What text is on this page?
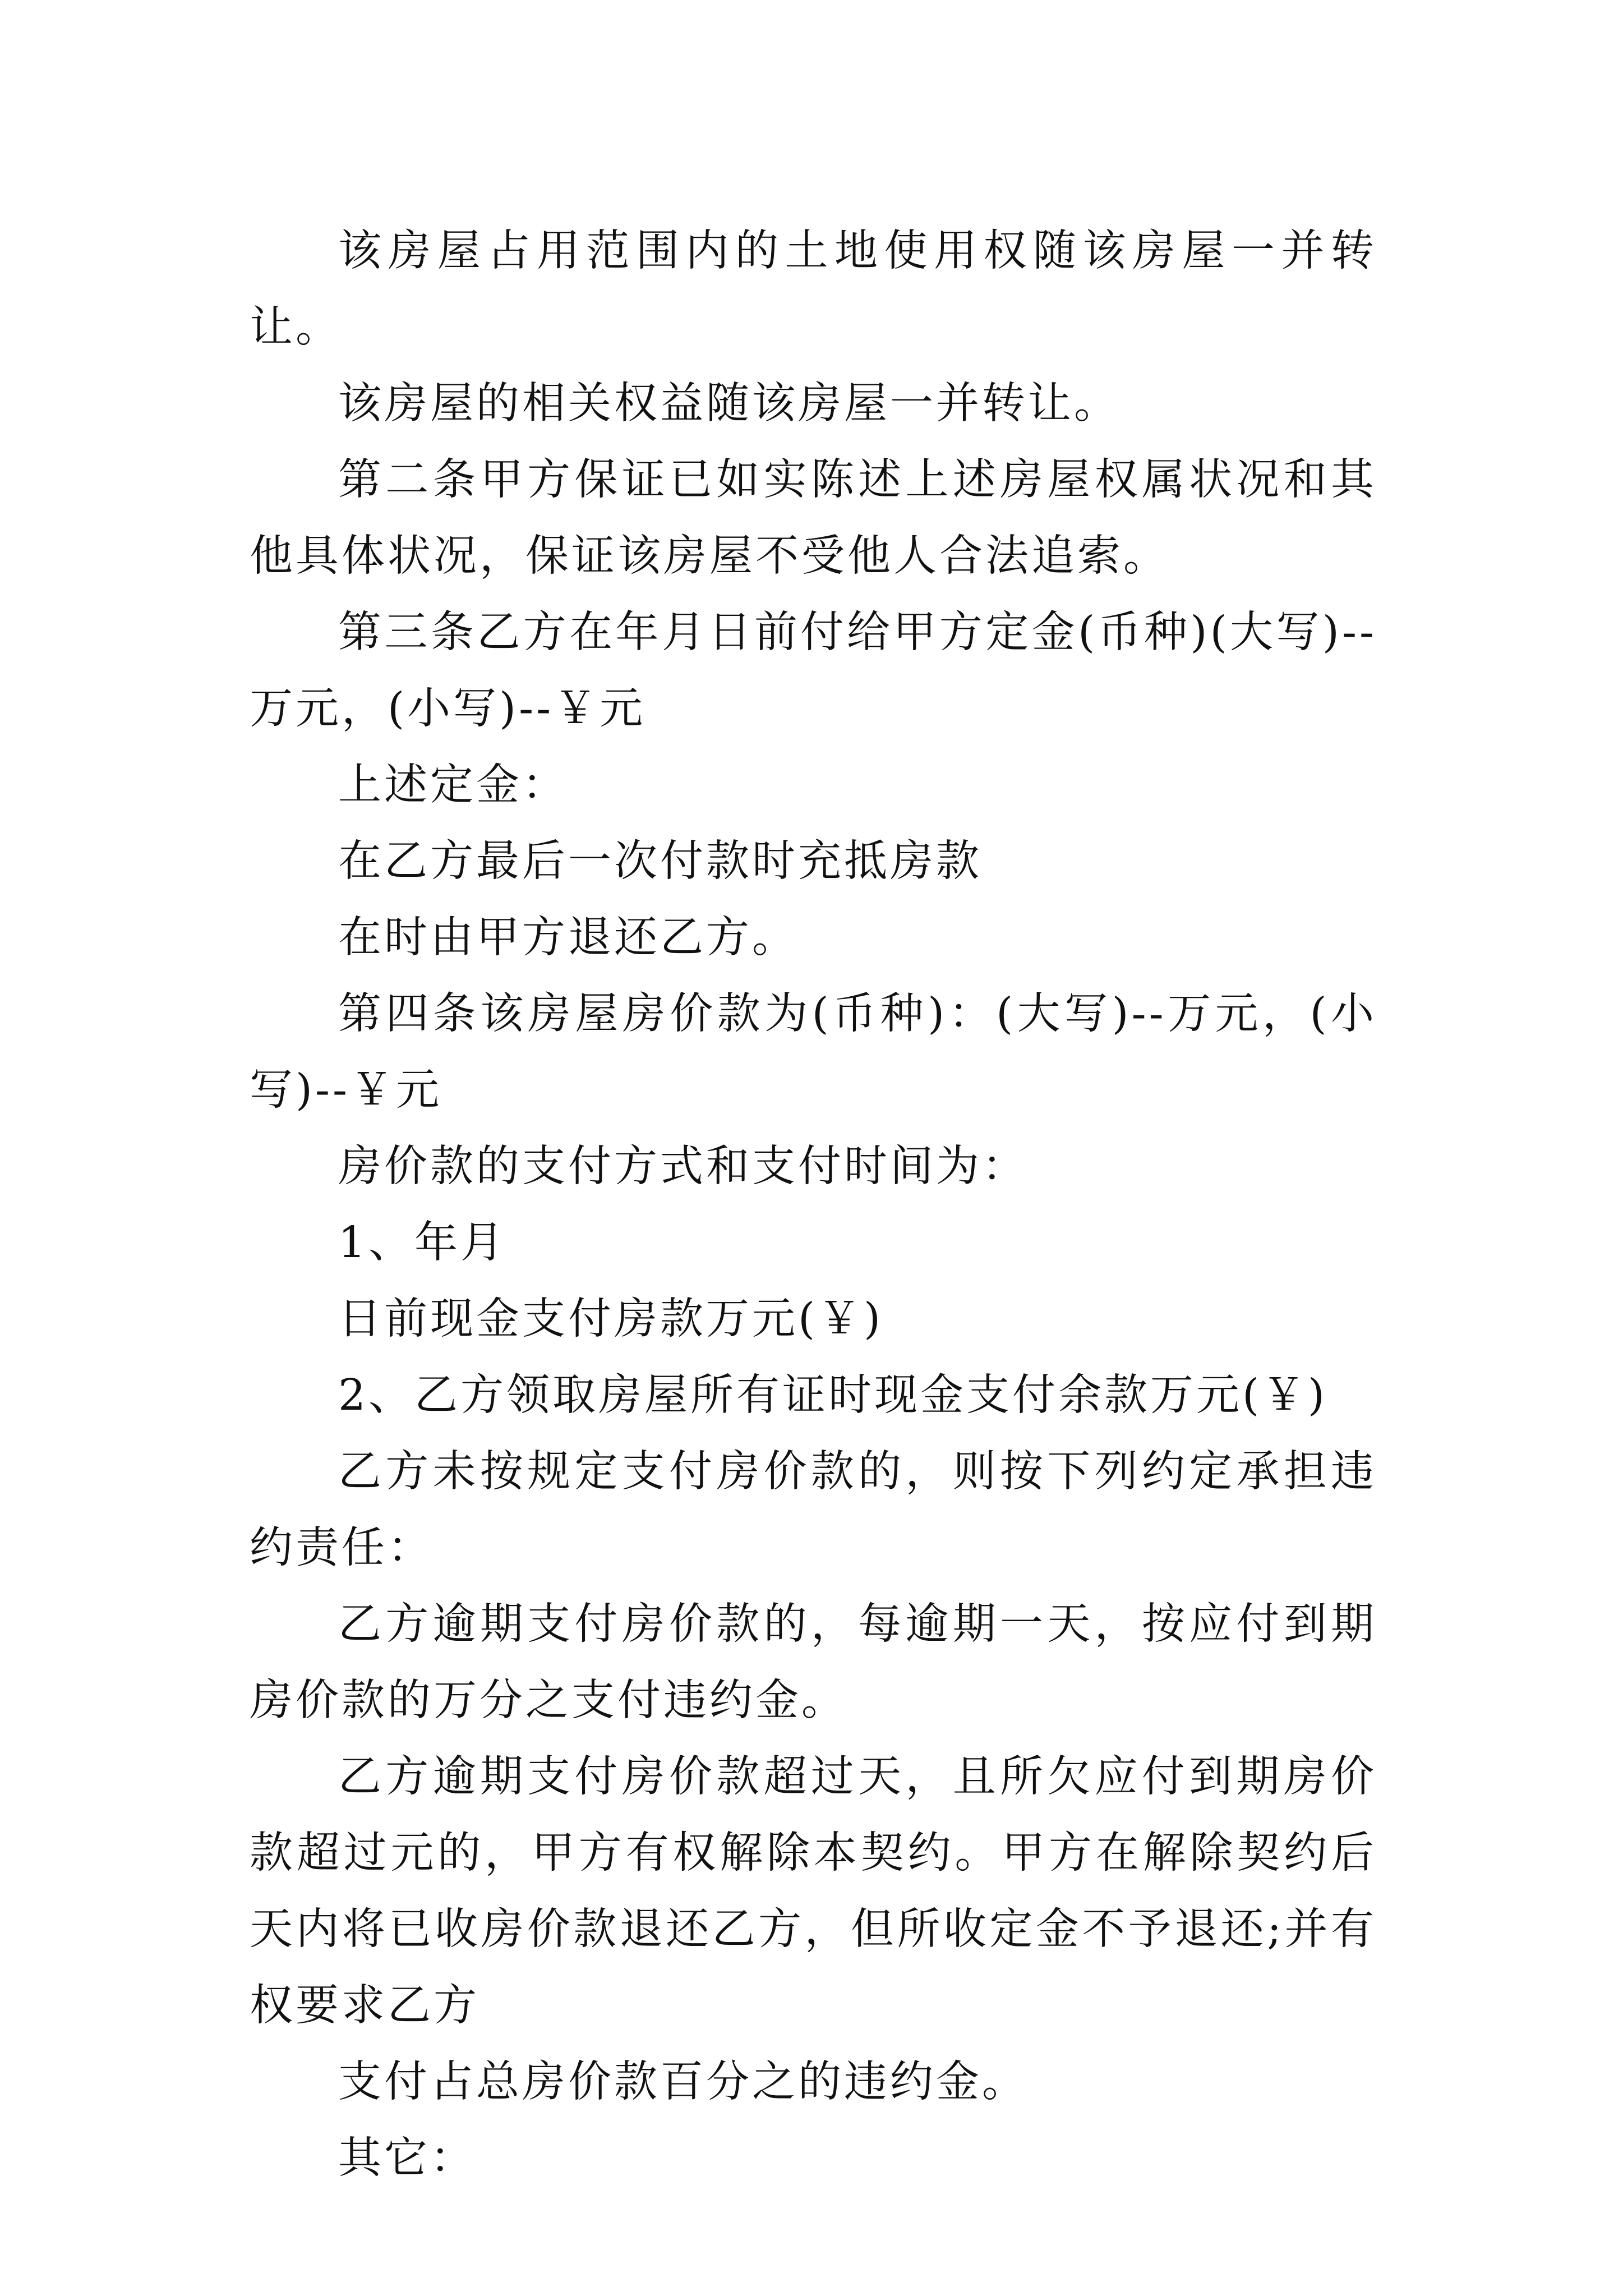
该房屋占用范围内的土地使用权随该房屋一并转让。

该房屋的相关权益随该房屋一并转让。

第二条甲方保证已如实陈述上述房屋权属状况和其他具体状况，保证该房屋不受他人合法追索。

第三条乙方在年月日前付给甲方定金(币种)(大写)--万元，(小写)--￥元

上述定金：

在乙方最后一次付款时充抵房款

在时由甲方退还乙方。

第四条该房屋房价款为(币种)：(大写)--万元，(小写)--￥元

房价款的支付方式和支付时间为：

1、年月

日前现金支付房款万元(￥)

2、乙方领取房屋所有证时现金支付余款万元(￥)

乙方未按规定支付房价款的，则按下列约定承担违约责任：

乙方逾期支付房价款的，每逾期一天，按应付到期房价款的万分之支付违约金。

乙方逾期支付房价款超过天，且所欠应付到期房价款超过元的，甲方有权解除本契约。甲方在解除契约后天内将已收房价款退还乙方，但所收定金不予退还;并有权要求乙方

支付占总房价款百分之的违约金。

其它：
